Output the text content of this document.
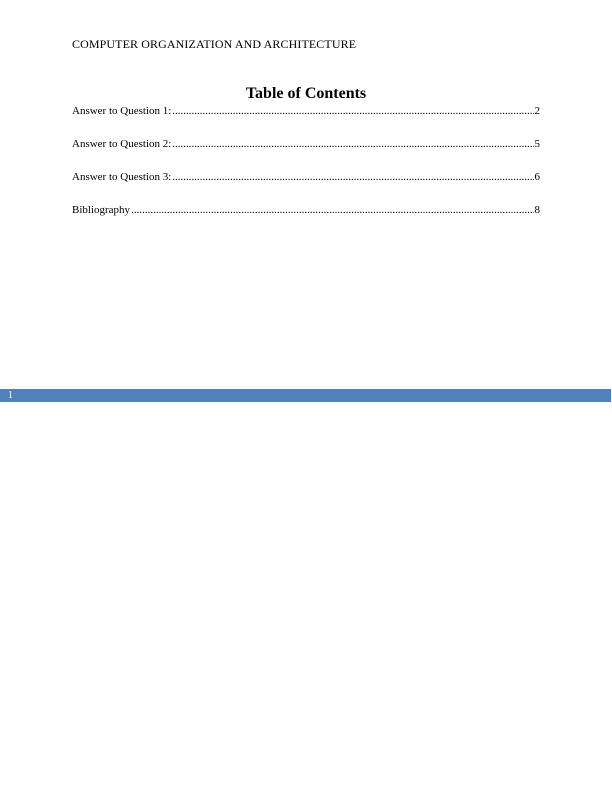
COMPUTER ORGANIZATION AND ARCHITECTURE
Table of Contents
Answer to Question 1: .....	2
Answer to Question 2: .....	5
Answer to Question 3: .....	6
Bibliography .....	8
1
